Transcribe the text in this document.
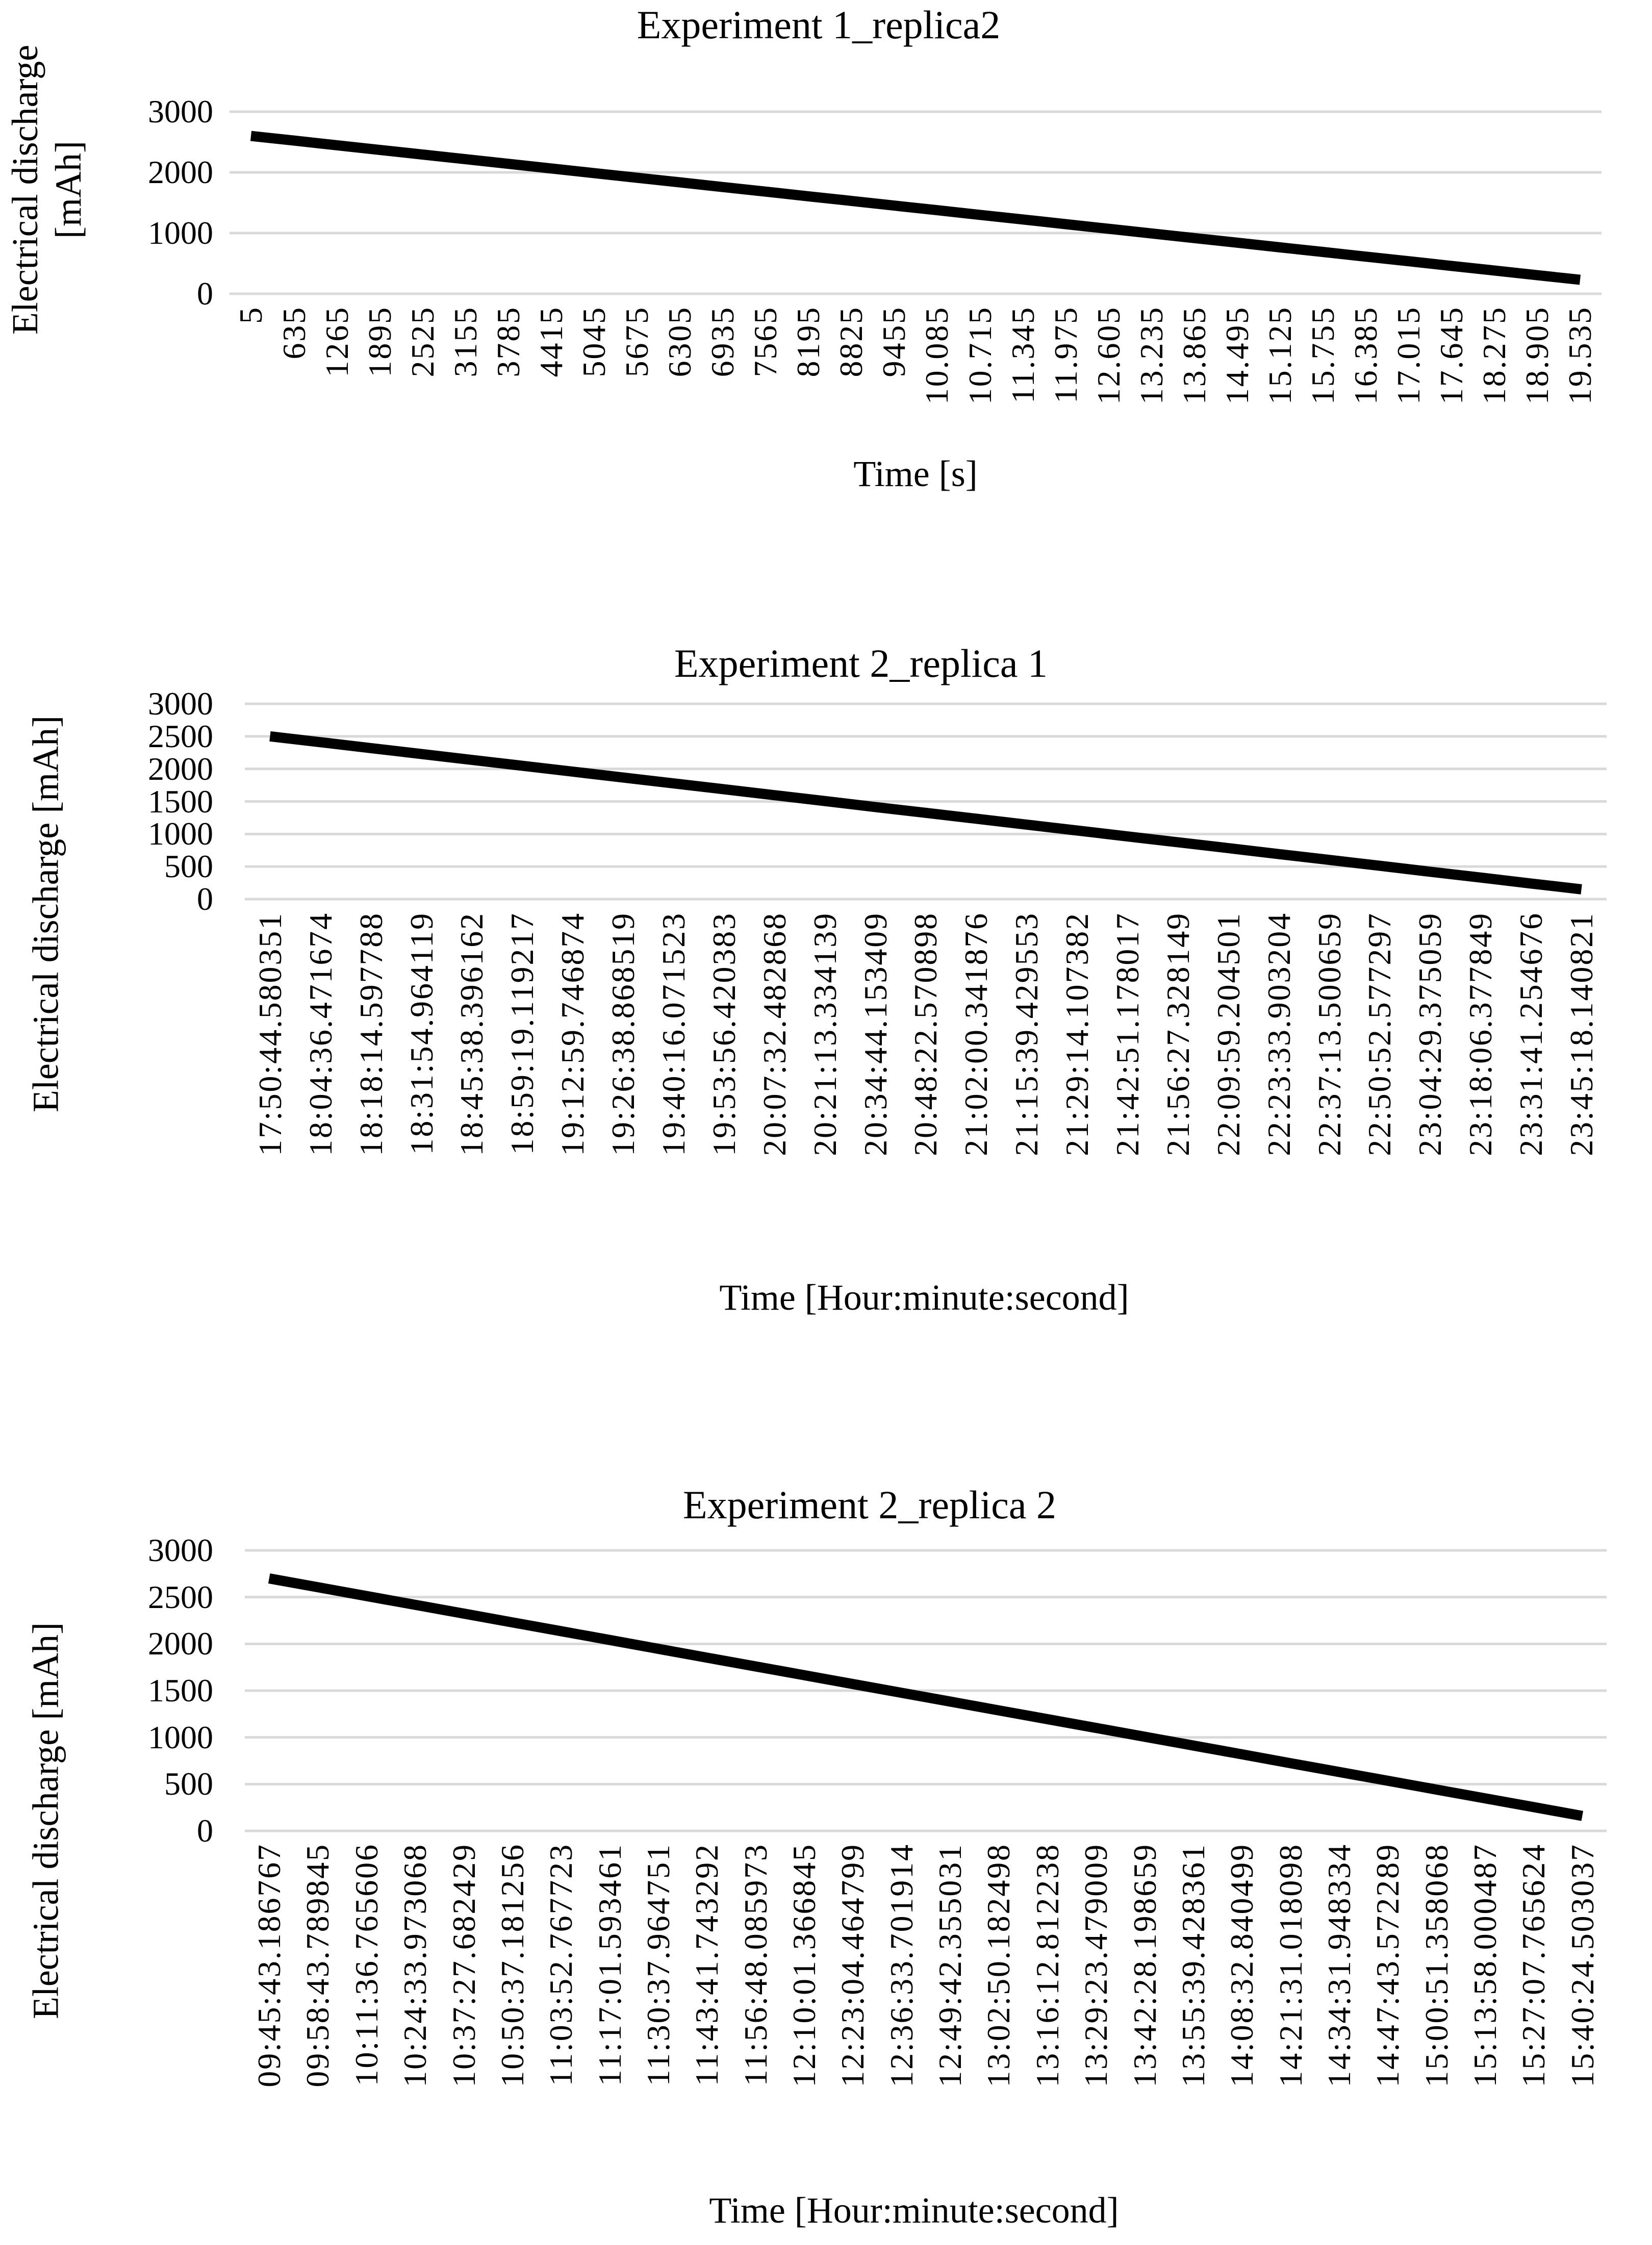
Experiment 1_replica2
Electrical discharge [mAh]
3000
2000
1000
0
5 635 1265 1895 2525 3155 3785 4415 5045 5675 6305 6935 7565 8195 8825 9455 10.085 10.715 11.345 11.975 12.605 13.235 13.865 14.495 15.125 15.755 16.385 17.015 17.645 18.275 18.905 19.535
Time [s]
Experiment 2_replica 1
Electrical discharge [mAh]
3000
2500
2000
1500
1000
500
0
17:50:44.580351 18:04:36.471674 18:18:14.597788 18:31:54.964119 18:45:38.396162 18:59:19.119217 19:12:59.746874 19:26:38.868519 19:40:16.071523 19:53:56.420383 20:07:32.482868 20:21:13.334139 20:34:44.153409 20:48:22.570898 21:02:00.341876 21:15:39.429553 21:29:14.107382 21:42:51.178017 21:56:27.328149 22:09:59.204501 22:23:33.903204 22:37:13.500659 22:50:52.577297 23:04:29.375059 23:18:06.377849 23:31:41.254676 23:45:18.140821
Time [Hour:minute:second]
Experiment 2_replica 2
Electrical discharge [mAh]
3000
2500
2000
1500
1000
500
0
09:45:43.186767 09:58:43.789845 10:11:36.765606 10:24:33.973068 10:37:27.682429 10:50:37.181256 11:03:52.767723 11:17:01.593461 11:30:37.964751 11:43:41.743292 11:56:48.085973 12:10:01.366845 12:23:04.464799 12:36:33.701914 12:49:42.355031 13:02:50.182498 13:16:12.812238 13:29:23.479009 13:42:28.198659 13:55:39.428361 14:08:32.840499 14:21:31.018098 14:34:31.948334 14:47:43.572289 15:00:51.358068 15:13:58.000487 15:27:07.765624 15:40:24.503037
Time [Hour:minute:second]
